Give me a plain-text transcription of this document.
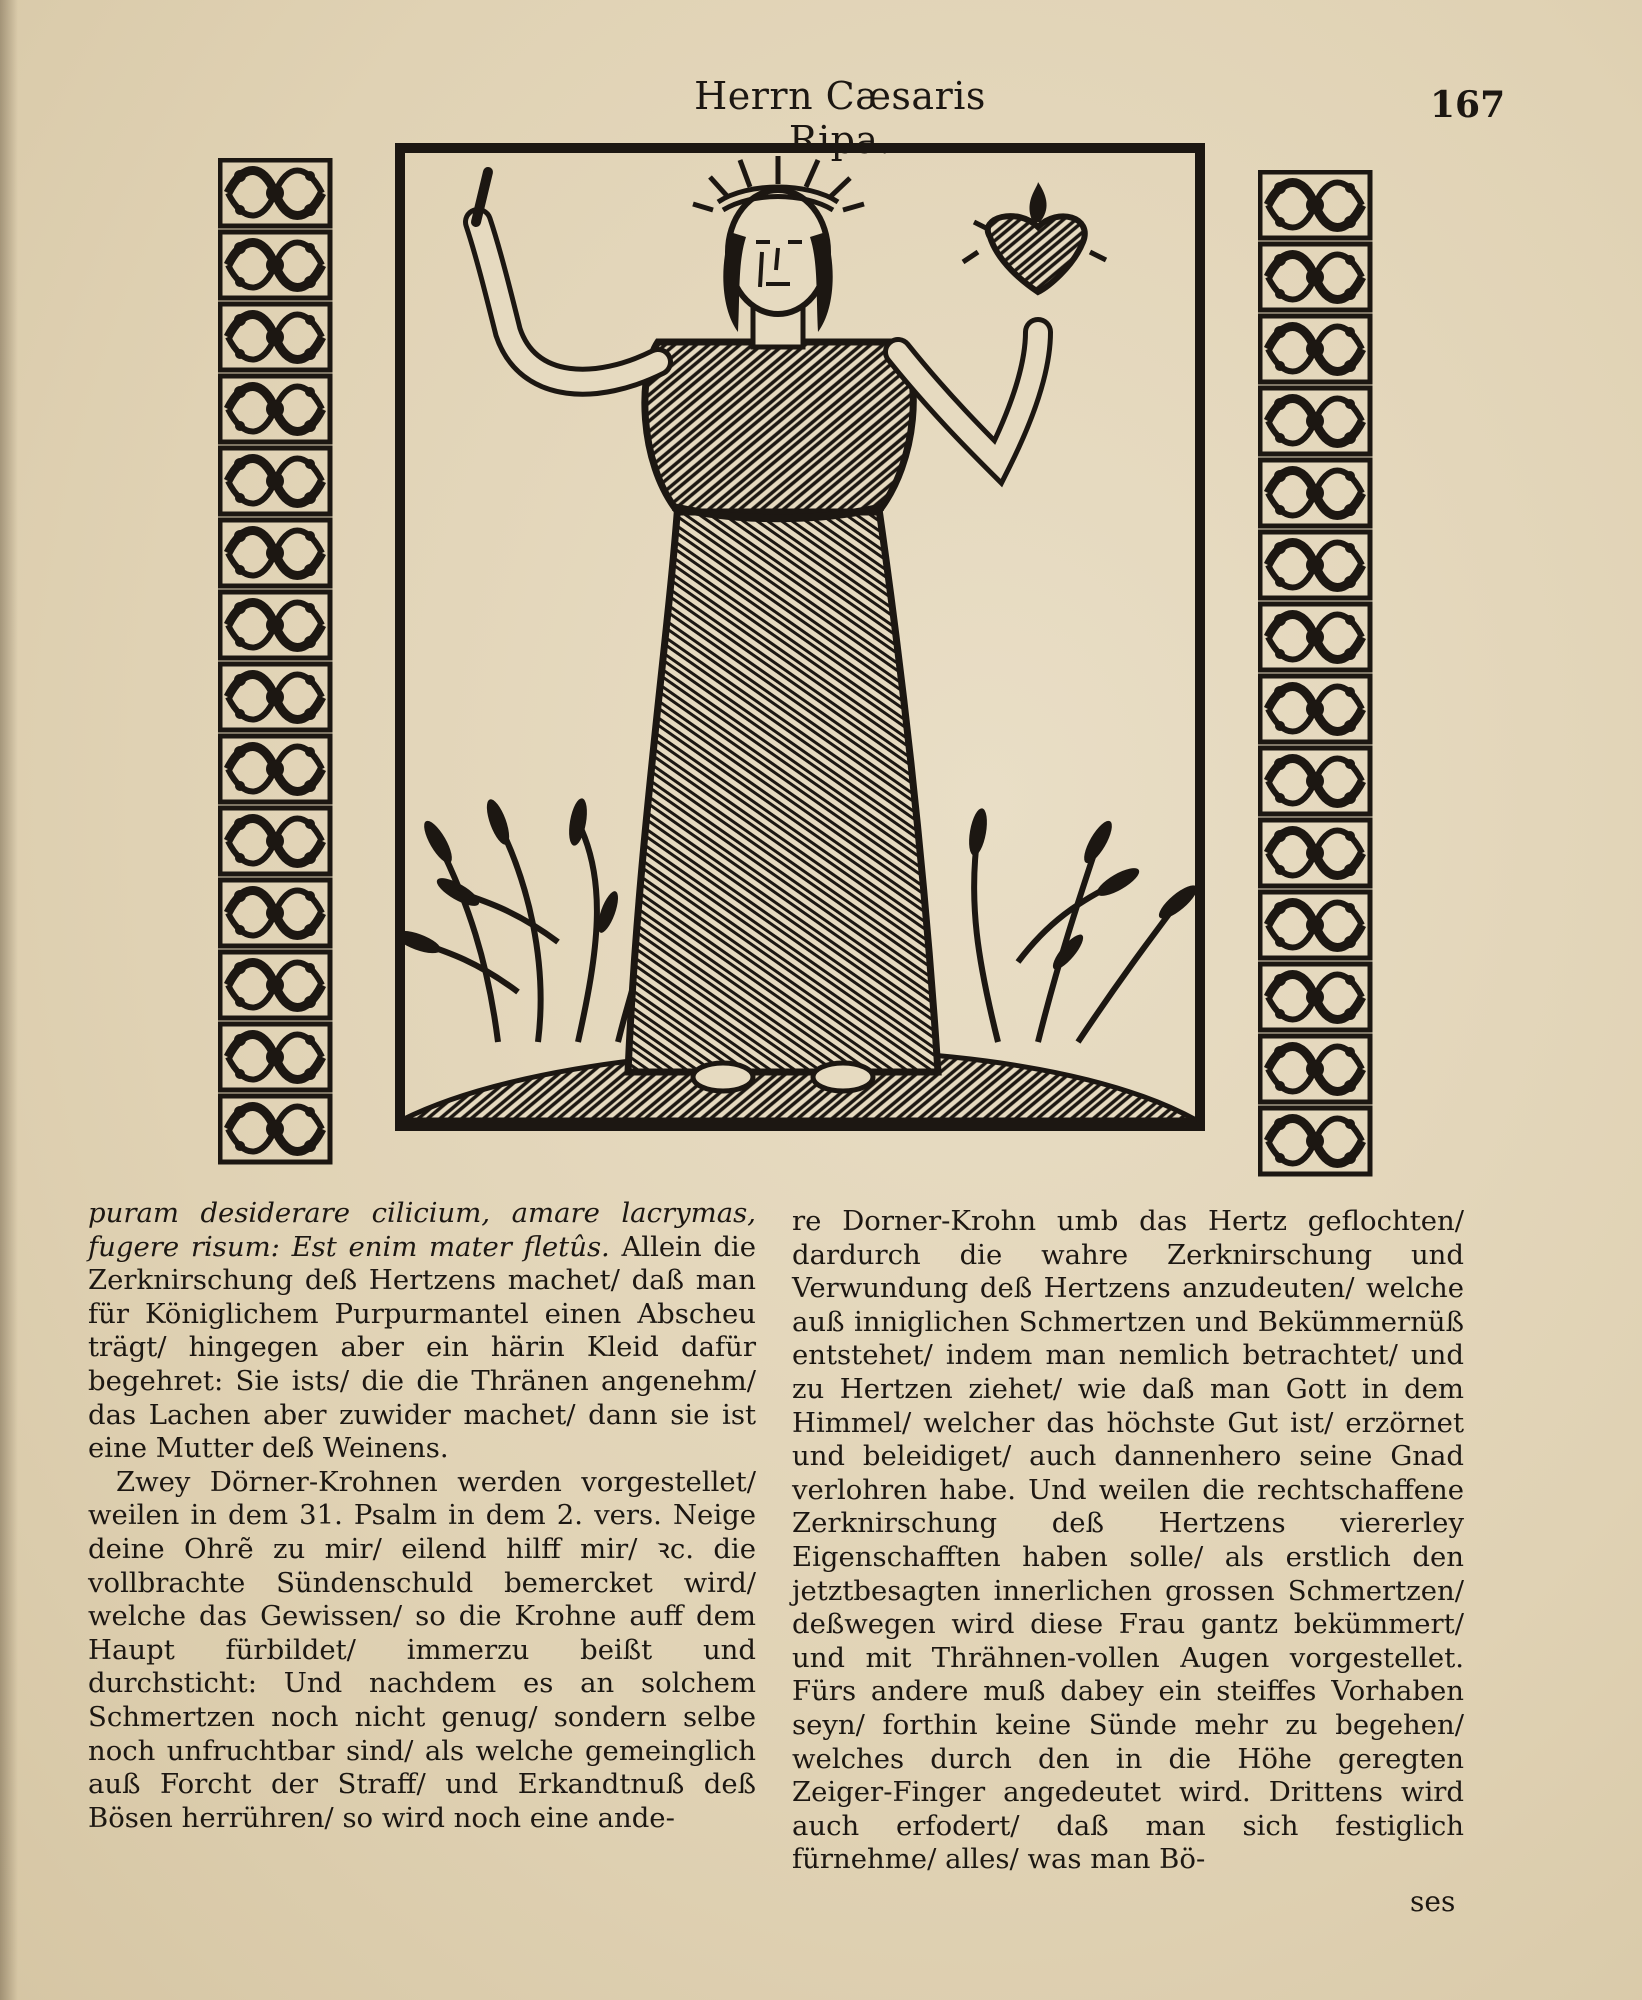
Herrn Cæsaris Ripa.
167

puram desiderare cilicium, amare lacrymas, fugere risum: Est enim mater fletûs. Allein die Zerknirschung deß Hertzens machet/ daß man für Königlichem Purpurmantel einen Abscheu trägt/ hingegen aber ein härin Kleid dafür begehret: Sie ists/ die die Thränen angenehm/ das Lachen aber zuwider machet/ dann sie ist eine Mutter deß Weinens.

Zwey Dörner-Krohnen werden vorgestellet/ weilen in dem 31. Psalm in dem 2. vers. Neige deine Ohrẽ zu mir/ eilend hilff mir/ ꝛc. die vollbrachte Sündenschuld bemercket wird/ welche das Gewissen/ so die Krohne auff dem Haupt fürbildet/ immerzu beißt und durchsticht: Und nachdem es an solchem Schmertzen noch nicht genug/ sondern selbe noch unfruchtbar sind/ als welche gemeinglich auß Forcht der Straff/ und Erkandtnuß deß Bösen herrühren/ so wird noch eine ande-

re Dorner-Krohn umb das Hertz geflochten/ dardurch die wahre Zerknirschung und Verwundung deß Hertzens anzudeuten/ welche auß inniglichen Schmertzen und Bekümmernüß entstehet/ indem man nemlich betrachtet/ und zu Hertzen ziehet/ wie daß man Gott in dem Himmel/ welcher das höchste Gut ist/ erzörnet und beleidiget/ auch dannenhero seine Gnad verlohren habe. Und weilen die rechtschaffene Zerknirschung deß Hertzens viererley Eigenschafften haben solle/ als erstlich den jetztbesagten innerlichen grossen Schmertzen/ deßwegen wird diese Frau gantz bekümmert/ und mit Thrähnen-vollen Augen vorgestellet. Fürs andere muß dabey ein steiffes Vorhaben seyn/ forthin keine Sünde mehr zu begehen/ welches durch den in die Höhe geregten Zeiger-Finger angedeutet wird. Drittens wird auch erfodert/ daß man sich festiglich fürnehme/ alles/ was man Bö-

ses
